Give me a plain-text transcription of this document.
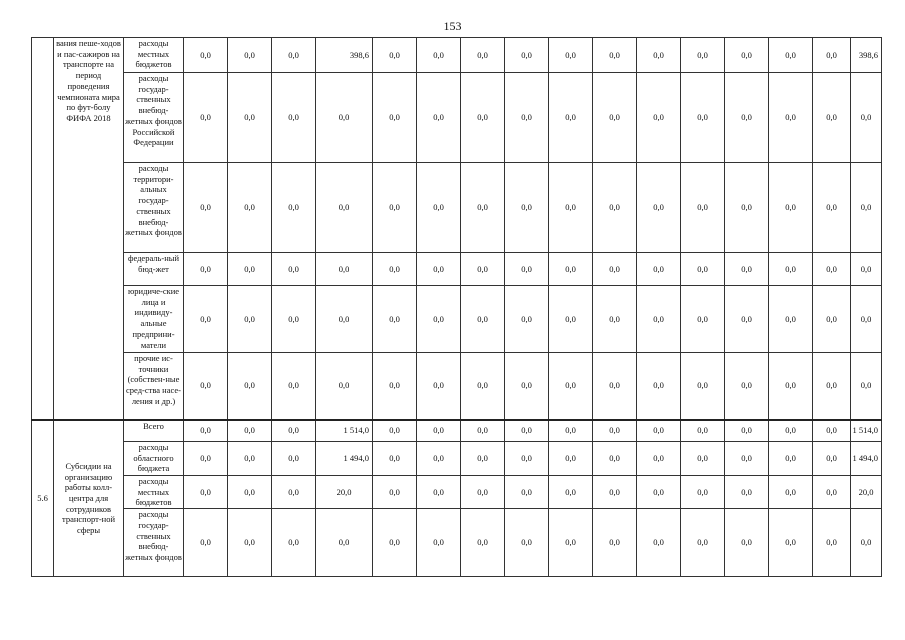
153
	вания пеше-ходов и пас-сажиров на транспорте на период проведения чемпионата мира по фут-болу ФИФА 2018	расходы местных бюджетов	0,0	0,0	0,0	398,6	0,0	0,0	0,0	0,0	0,0	0,0	0,0	0,0	0,0	0,0	0,0	398,6
		расходы государ-ственных внебюд-жетных фондов Российской Федерации	0,0	0,0	0,0	0,0	0,0	0,0	0,0	0,0	0,0	0,0	0,0	0,0	0,0	0,0	0,0	0,0
		расходы территори-альных государ-ственных внебюд-жетных фондов	0,0	0,0	0,0	0,0	0,0	0,0	0,0	0,0	0,0	0,0	0,0	0,0	0,0	0,0	0,0	0,0
		федераль-ный бюд-жет	0,0	0,0	0,0	0,0	0,0	0,0	0,0	0,0	0,0	0,0	0,0	0,0	0,0	0,0	0,0	0,0
		юридиче-ские лица и индивиду-альные предприни-матели	0,0	0,0	0,0	0,0	0,0	0,0	0,0	0,0	0,0	0,0	0,0	0,0	0,0	0,0	0,0	0,0
		прочие ис-точники (собствен-ные сред-ства насе-ления и др.)	0,0	0,0	0,0	0,0	0,0	0,0	0,0	0,0	0,0	0,0	0,0	0,0	0,0	0,0	0,0	0,0
5.6	Субсидии на организацию работы колл-центра для сотрудников транспорт-ной сферы	Всего	0,0	0,0	0,0	1 514,0	0,0	0,0	0,0	0,0	0,0	0,0	0,0	0,0	0,0	0,0	0,0	1 514,0
		расходы областного бюджета	0,0	0,0	0,0	1 494,0	0,0	0,0	0,0	0,0	0,0	0,0	0,0	0,0	0,0	0,0	0,0	1 494,0
		расходы местных бюджетов	0,0	0,0	0,0	20,0	0,0	0,0	0,0	0,0	0,0	0,0	0,0	0,0	0,0	0,0	0,0	20,0
		расходы государ-ственных внебюд-жетных фондов	0,0	0,0	0,0	0,0	0,0	0,0	0,0	0,0	0,0	0,0	0,0	0,0	0,0	0,0	0,0	0,0
